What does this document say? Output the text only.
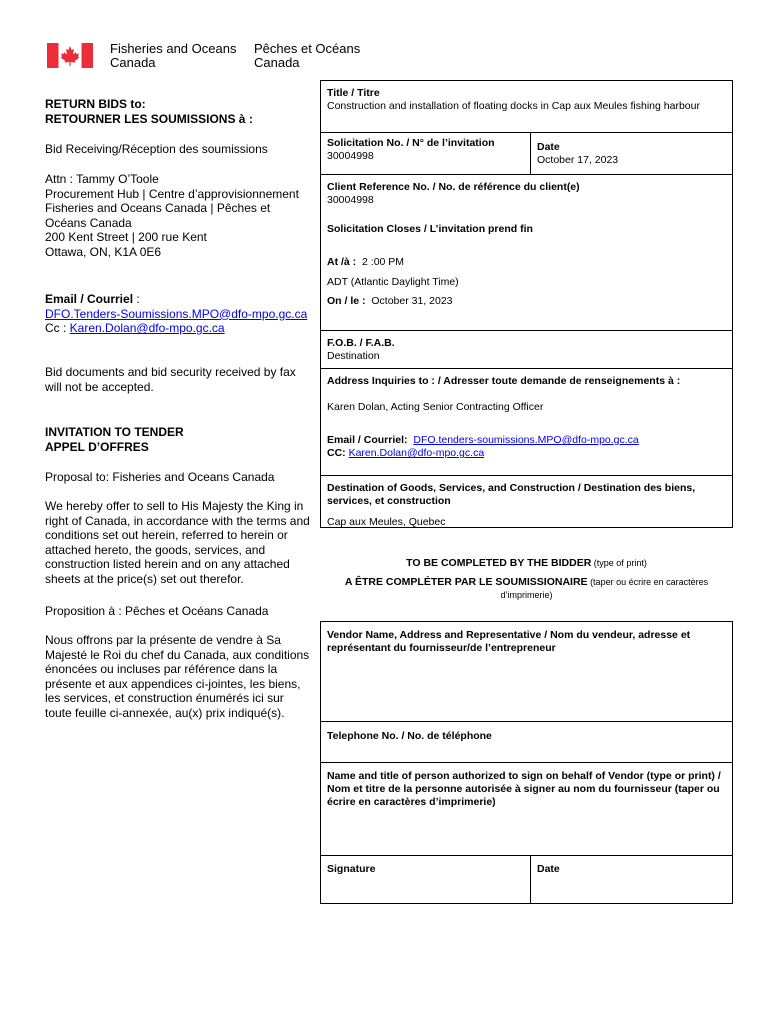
Fisheries and Oceans
Canada
Pêches et Océans
Canada

RETURN BIDS to:

RETOURNER LES SOUMISSIONS à :

Bid Receiving/Réception des soumissions

Attn : Tammy O’Toole

Procurement Hub | Centre d’approvisionnement

Fisheries and Oceans Canada | Pêches et Océans Canada

200 Kent Street | 200 rue Kent

Ottawa, ON, K1A 0E6

Email / Courriel :

DFO.Tenders-Soumissions.MPO@dfo-mpo.gc.ca

Cc : Karen.Dolan@dfo-mpo.gc.ca

Bid documents and bid security received by fax will not be accepted.

INVITATION TO TENDER

APPEL D’OFFRES

Proposal to: Fisheries and Oceans Canada

We hereby offer to sell to His Majesty the King in right of Canada, in accordance with the terms and conditions set out herein, referred to herein or attached hereto, the goods, services, and construction listed herein and on any attached sheets at the price(s) set out therefor.

Proposition à : Pêches et Océans Canada

Nous offrons par la présente de vendre à Sa Majesté le Roi du chef du Canada, aux conditions énoncées ou incluses par référence dans la présente et aux appendices ci-jointes, les biens, les services, et construction énumérés ici sur toute feuille ci-annexée, au(x) prix indiqué(s).

Title / Titre
Construction and installation of floating docks in Cap aux Meules fishing harbour
Solicitation No. / N° de l’invitation
30004998
Date
October 17, 2023
Client Reference No. / No. de référence du client(e)
30004998
Solicitation Closes / L’invitation prend fin
At /à : 2 :00 PM
ADT (Atlantic Daylight Time)
On / le : October 31, 2023
F.O.B. / F.A.B.
Destination
Address Inquiries to : / Adresser toute demande de renseignements à :
Karen Dolan, Acting Senior Contracting Officer
Email / Courriel: DFO.tenders-soumissions.MPO@dfo-mpo.gc.ca
CC: Karen.Dolan@dfo-mpo.gc.ca
Destination of Goods, Services, and Construction / Destination des biens, services, et construction
Cap aux Meules, Quebec
TO BE COMPLETED BY THE BIDDER (type of print)
A ÊTRE COMPLÉTER PAR LE SOUMISSIONAIRE (taper ou écrire en caractères d’imprimerie)
Vendor Name, Address and Representative / Nom du vendeur, adresse et représentant du fournisseur/de l’entrepreneur
Telephone No. / No. de téléphone
Name and title of person authorized to sign on behalf of Vendor (type or print) / Nom et titre de la personne autorisée à signer au nom du fournisseur (taper ou écrire en caractères d’imprimerie)
Signature	Date
